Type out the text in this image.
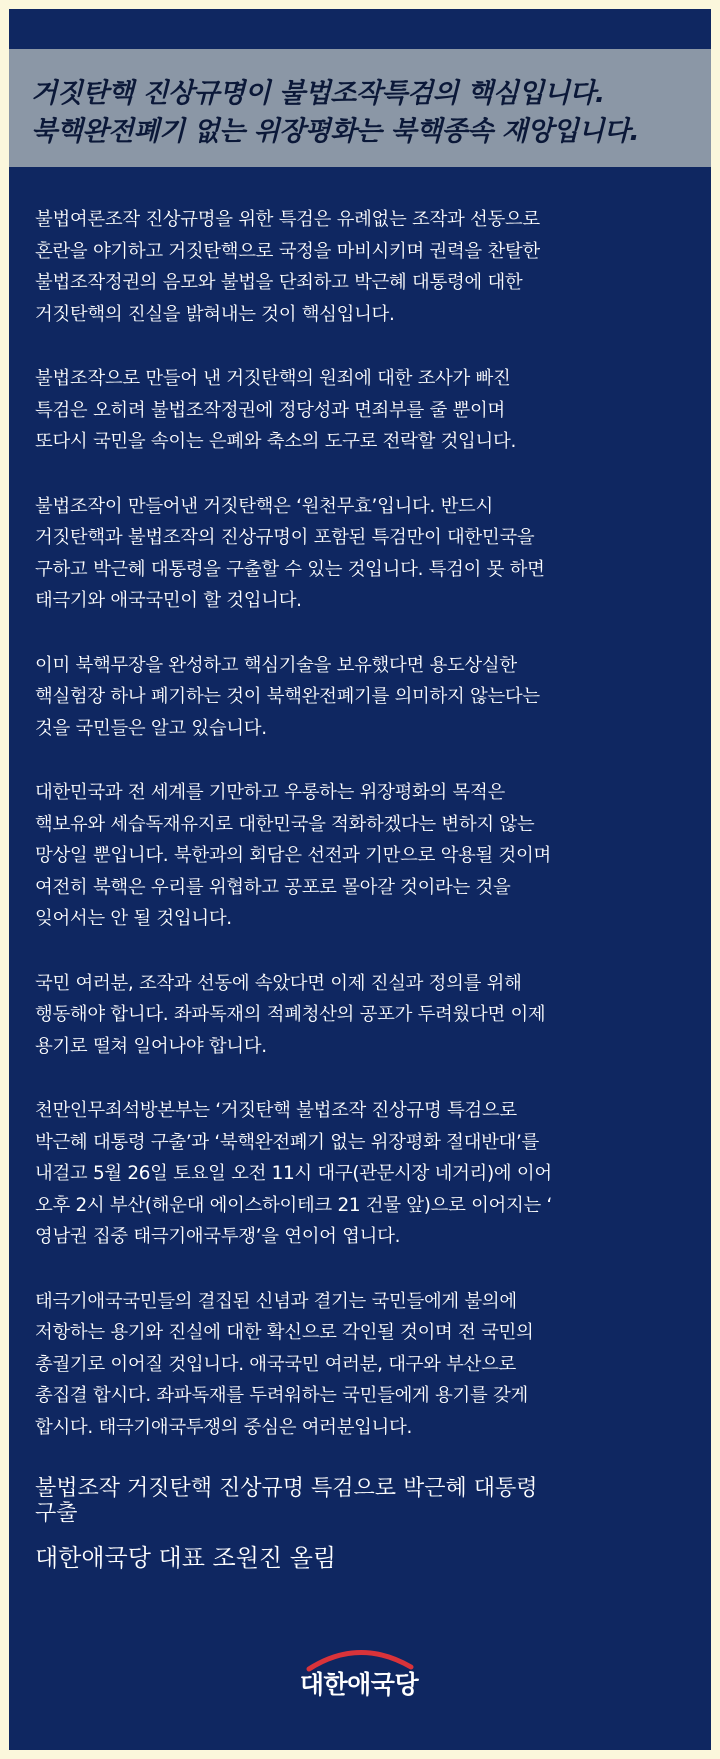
거짓탄핵 진상규명이 불법조작특검의 핵심입니다.
북핵완전폐기 없는 위장평화는 북핵종속 재앙입니다.
불법여론조작 진상규명을 위한 특검은 유례없는 조작과 선동으로
혼란을 야기하고 거짓탄핵으로 국정을 마비시키며 권력을 찬탈한
불법조작정권의 음모와 불법을 단죄하고 박근혜 대통령에 대한
거짓탄핵의 진실을 밝혀내는 것이 핵심입니다.
불법조작으로 만들어 낸 거짓탄핵의 원죄에 대한 조사가 빠진
특검은 오히려 불법조작정권에 정당성과 면죄부를 줄 뿐이며
또다시 국민을 속이는 은폐와 축소의 도구로 전락할 것입니다.
불법조작이 만들어낸 거짓탄핵은 ‘원천무효’입니다. 반드시
거짓탄핵과 불법조작의 진상규명이 포함된 특검만이 대한민국을
구하고 박근혜 대통령을 구출할 수 있는 것입니다. 특검이 못 하면
태극기와 애국국민이 할 것입니다.
이미 북핵무장을 완성하고 핵심기술을 보유했다면 용도상실한
핵실험장 하나 폐기하는 것이 북핵완전폐기를 의미하지 않는다는
것을 국민들은 알고 있습니다.
대한민국과 전 세계를 기만하고 우롱하는 위장평화의 목적은
핵보유와 세습독재유지로 대한민국을 적화하겠다는 변하지 않는
망상일 뿐입니다. 북한과의 회담은 선전과 기만으로 악용될 것이며
여전히 북핵은 우리를 위협하고 공포로 몰아갈 것이라는 것을
잊어서는 안 될 것입니다.
국민 여러분, 조작과 선동에 속았다면 이제 진실과 정의를 위해
행동해야 합니다. 좌파독재의 적폐청산의 공포가 두려웠다면 이제
용기로 떨쳐 일어나야 합니다.
천만인무죄석방본부는 ‘거짓탄핵 불법조작 진상규명 특검으로
박근혜 대통령 구출’과 ‘북핵완전폐기 없는 위장평화 절대반대’를
내걸고 5월 26일 토요일 오전 11시 대구(관문시장 네거리)에 이어
오후 2시 부산(해운대 에이스하이테크 21 건물 앞)으로 이어지는 ‘
영남권 집중 태극기애국투쟁’을 연이어 엽니다.
태극기애국국민들의 결집된 신념과 결기는 국민들에게 불의에
저항하는 용기와 진실에 대한 확신으로 각인될 것이며 전 국민의
총궐기로 이어질 것입니다. 애국국민 여러분, 대구와 부산으로
총집결 합시다. 좌파독재를 두려워하는 국민들에게 용기를 갖게
합시다. 태극기애국투쟁의 중심은 여러분입니다.
불법조작 거짓탄핵 진상규명 특검으로 박근혜 대통령
구출
대한애국당 대표 조원진 올림
대한애국당
